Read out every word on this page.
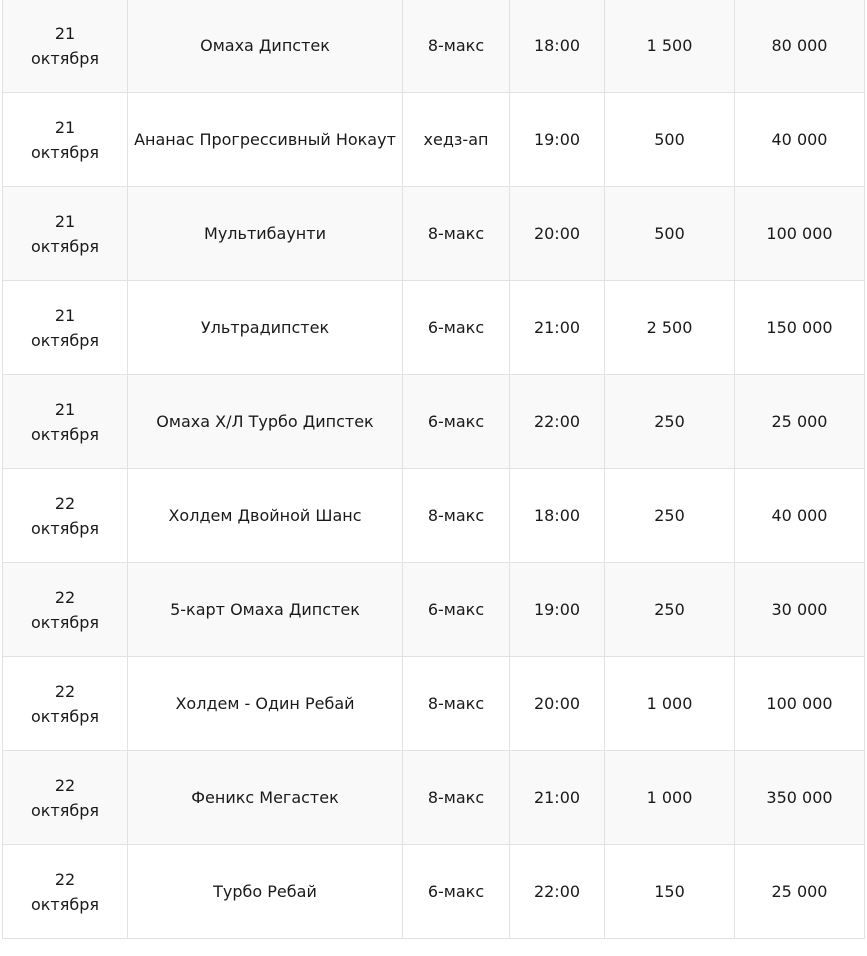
21
октября	Омаха Дипстек	8-макс	18:00	1 500	80 000

21
октября	Ананас Прогрессивный Нокаут	хедз-ап	19:00	500	40 000

21
октября	Мультибаунти	8-макс	20:00	500	100 000

21
октября	Ультрадипстек	6-макс	21:00	2 500	150 000

21
октября	Омаха Х/Л Турбо Дипстек	6-макс	22:00	250	25 000

22
октября	Холдем Двойной Шанс	8-макс	18:00	250	40 000

22
октября	5-карт Омаха Дипстек	6-макс	19:00	250	30 000

22
октября	Холдем - Один Ребай	8-макс	20:00	1 000	100 000

22
октября	Феникс Мегастек	8-макс	21:00	1 000	350 000

22
октября	Турбо Ребай	6-макс	22:00	150	25 000
